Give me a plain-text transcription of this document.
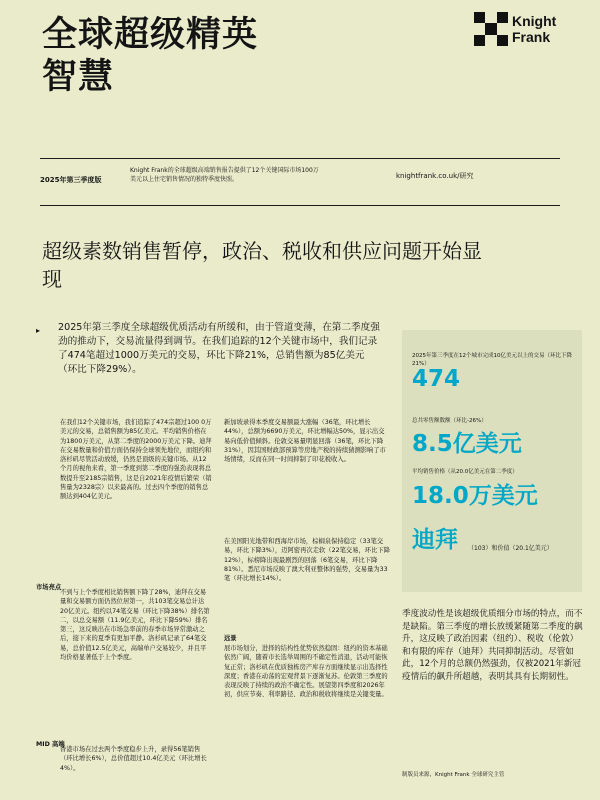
全球超级精英
智慧
Knight
Frank
2025年第三季度版
Knight Frank的全球超级高端销售报告提供了12个关键国际市场100万美元以上住宅销售情况的独特季度快照。	knightfrank.co.uk/研究
超级素数销售暂停，政治、税收和供应问题开始显现
▸ 2025年第三季度全球超级优质活动有所缓和，由于管道变薄，在第二季度强劲的推动下，交易流量得到调节。在我们追踪的12个关键市场中，我们记录了474笔超过1000万美元的交易，环比下降21%，总销售额为85亿美元（环比下降29%）。
2025年第三季度在12个城市完成10亿美元以上的交易（环比下降21%）
474
总共零售额数额（环比-26%）
8.5亿美元
平均销售价格（从20.0亿美元在第二季度）
18.0万美元
迪拜 （103）和价值（20.1亿美元）
在我们12个关键市场，我们追踪了474宗超过100 0万美元的交易，总销售额为85亿美元。平均销售价格在为1800万美元，从第二季度的2000万美元下降。迪拜在交易数量和价值方面仍保持全球领先地位，而纽约和洛杉矶尽管活动放缓，仍然是顶级的关键市场。从12个月的视角来看，第一季度到第二季度的强劲表现将总数提升至2185宗销售，这是自2021年疫情后繁荣（销售量为2328宗）以来最高的。过去四个季度的销售总额达到404亿美元。
市场亮点
不到与上个季度相比销售额下降了28%，迪拜在交易量和交易额方面仍然位居第一，共103笔交易总计达20亿美元。纽约以74笔交易（环比下降38%）排名第二，以总交易额（11.9亿美元，环比下降59%）排名第三，这反映出在市场急率前的春季市场异常激动之后，接下来的夏季有更加平静。洛杉矶记录了64笔交易，总价值12.5亿美元，高端单户交易较少，并且平均价格显著低于上个季度。
MID 高端
香港市场在过去两个季度稳步上升，录得56笔销售（环比增长6%），总价值超过10.4亿美元（环比增长4%）。
新加坡录得本季度交易额最大涨幅（36笔，环比增长44%），总额为6690万美元，环比增幅达50%，显示出交易向低价值倾斜。伦敦交易量明显回落（36笔，环比下降31%），因其国财政部预算等房地产税的持续猜测影响了市场情绪，反而在同一时间抑制了印花税收入。
在美国阳光地带和西海岸市场，棕榈泉保持稳定（33笔交易，环比下降3%），迈阿密再次走软（22笔交易，环比下降12%），标榜降出现最剧烈的回落（6笔交易，环比下降81%）。悉尼市场反映了澳大利亚整体的强势，交易量为33笔（环比增长14%）。
远景
展市场划分，进择的结构性优势依然稳固：纽约的资本基础依然广阔，随着市长选举周围的不确定性消退，活动可能恢复正常；洛杉矶在优质独栋房产库存方面继续显示出选择性深度；香港在动荡的宏观背景下逐渐复苏。伦敦第三季度的表现反映了持续的政治不确定性。展望第四季度和2026年初，供应节奏、利率路径、政治和税收将继续是关键变量。
季度波动性是该超级优质细分市场的特点，而不是缺陷。第三季度的增长放缓紧随第二季度的飙升，这反映了政治因素（纽约）、税收（伦敦）和有限的库存（迪拜）共同抑制活动。尽管如此，12个月的总额仍然强劲，仅被2021年新冠疫情后的飙升所超越，表明其具有长期韧性。
制版员来源，Knight Frank 全球研究主管
